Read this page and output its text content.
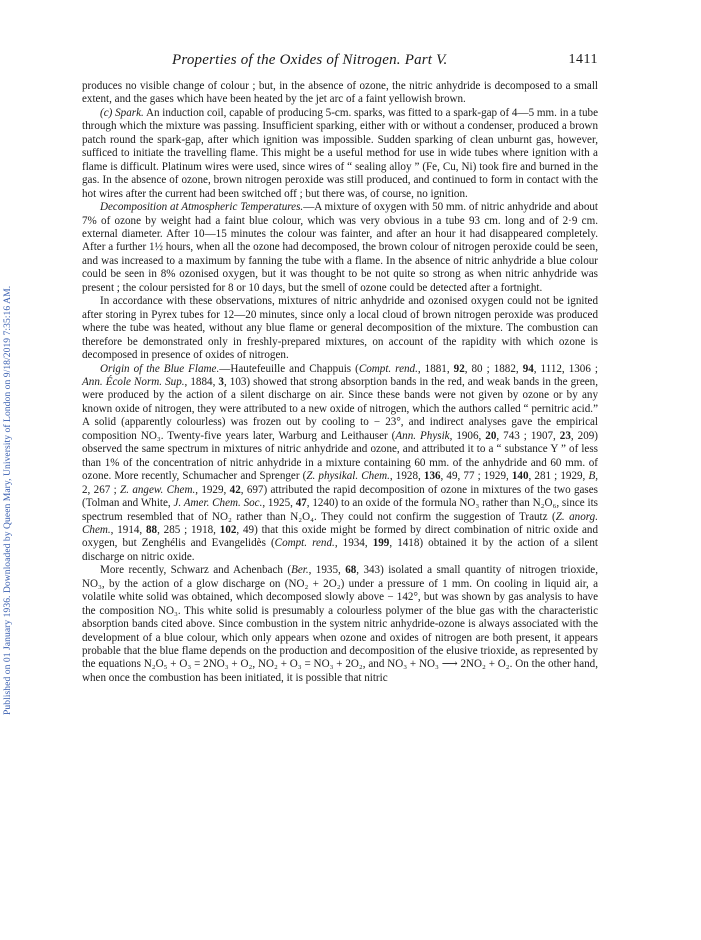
Published on 01 January 1936. Downloaded by Queen Mary, University of London on 9/18/2019 7:35:16 AM.
Properties of the Oxides of Nitrogen. Part V.	1411

produces no visible change of colour ; but, in the absence of ozone, the nitric anhydride is decomposed to a small extent, and the gases which have been heated by the jet arc of a faint yellowish brown.

(c) Spark. An induction coil, capable of producing 5-cm. sparks, was fitted to a spark-gap of 4—5 mm. in a tube through which the mixture was passing. Insufficient sparking, either with or without a condenser, produced a brown patch round the spark-gap, after which ignition was impossible. Sudden sparking of clean unburnt gas, however, sufficed to initiate the travelling flame. This might be a useful method for use in wide tubes where ignition with a flame is difficult. Platinum wires were used, since wires of “ sealing alloy ” (Fe, Cu, Ni) took fire and burned in the gas. In the absence of ozone, brown nitrogen peroxide was still produced, and continued to form in contact with the hot wires after the current had been switched off ; but there was, of course, no ignition.

Decomposition at Atmospheric Temperatures.—A mixture of oxygen with 50 mm. of nitric anhydride and about 7% of ozone by weight had a faint blue colour, which was very obvious in a tube 93 cm. long and of 2·9 cm. external diameter. After 10—15 minutes the colour was fainter, and after an hour it had disappeared completely. After a further 1½ hours, when all the ozone had decomposed, the brown colour of nitrogen peroxide could be seen, and was increased to a maximum by fanning the tube with a flame. In the absence of nitric anhydride a blue colour could be seen in 8% ozonised oxygen, but it was thought to be not quite so strong as when nitric anhydride was present ; the colour persisted for 8 or 10 days, but the smell of ozone could be detected after a fortnight.

In accordance with these observations, mixtures of nitric anhydride and ozonised oxygen could not be ignited after storing in Pyrex tubes for 12—20 minutes, since only a local cloud of brown nitrogen peroxide was produced where the tube was heated, without any blue flame or general decomposition of the mixture. The combustion can therefore be demonstrated only in freshly-prepared mixtures, on account of the rapidity with which ozone is decomposed in presence of oxides of nitrogen.

Origin of the Blue Flame.—Hautefeuille and Chappuis (Compt. rend., 1881, 92, 80 ; 1882, 94, 1112, 1306 ; Ann. École Norm. Sup., 1884, 3, 103) showed that strong absorption bands in the red, and weak bands in the green, were produced by the action of a silent discharge on air. Since these bands were not given by ozone or by any known oxide of nitrogen, they were attributed to a new oxide of nitrogen, which the authors called “ pernitric acid.” A solid (apparently colourless) was frozen out by cooling to − 23°, and indirect analyses gave the empirical composition NO₃. Twenty-five years later, Warburg and Leithauser (Ann. Physik, 1906, 20, 743 ; 1907, 23, 209) observed the same spectrum in mixtures of nitric anhydride and ozone, and attributed it to a “ substance Y ” of less than 1% of the concentration of nitric anhydride in a mixture containing 60 mm. of the anhydride and 60 mm. of ozone. More recently, Schumacher and Sprenger (Z. physikal. Chem., 1928, 136, 49, 77 ; 1929, 140, 281 ; 1929, B, 2, 267 ; Z. angew. Chem., 1929, 42, 697) attributed the rapid decomposition of ozone in mixtures of the two gases (Tolman and White, J. Amer. Chem. Soc., 1925, 47, 1240) to an oxide of the formula NO₃ rather than N₂O₆, since its spectrum resembled that of NO₂ rather than N₂O₄. They could not confirm the suggestion of Trautz (Z. anorg. Chem., 1914, 88, 285 ; 1918, 102, 49) that this oxide might be formed by direct combination of nitric oxide and oxygen, but Zenghélis and Evangelidès (Compt. rend., 1934, 199, 1418) obtained it by the action of a silent discharge on nitric oxide.

More recently, Schwarz and Achenbach (Ber., 1935, 68, 343) isolated a small quantity of nitrogen trioxide, NO₃, by the action of a glow discharge on (NO₂ + 2O₂) under a pressure of 1 mm. On cooling in liquid air, a volatile white solid was obtained, which decomposed slowly above − 142°, but was shown by gas analysis to have the composition NO₃. This white solid is presumably a colourless polymer of the blue gas with the characteristic absorption bands cited above. Since combustion in the system nitric anhydride-ozone is always associated with the development of a blue colour, which only appears when ozone and oxides of nitrogen are both present, it appears probable that the blue flame depends on the production and decomposition of the elusive trioxide, as represented by the equations N₂O₅ + O₃ = 2NO₃ + O₂, NO₂ + O₃ = NO₃ + 2O₂, and NO₃ + NO₃ ⟶ 2NO₂ + O₂. On the other hand, when once the combustion has been initiated, it is possible that nitric
